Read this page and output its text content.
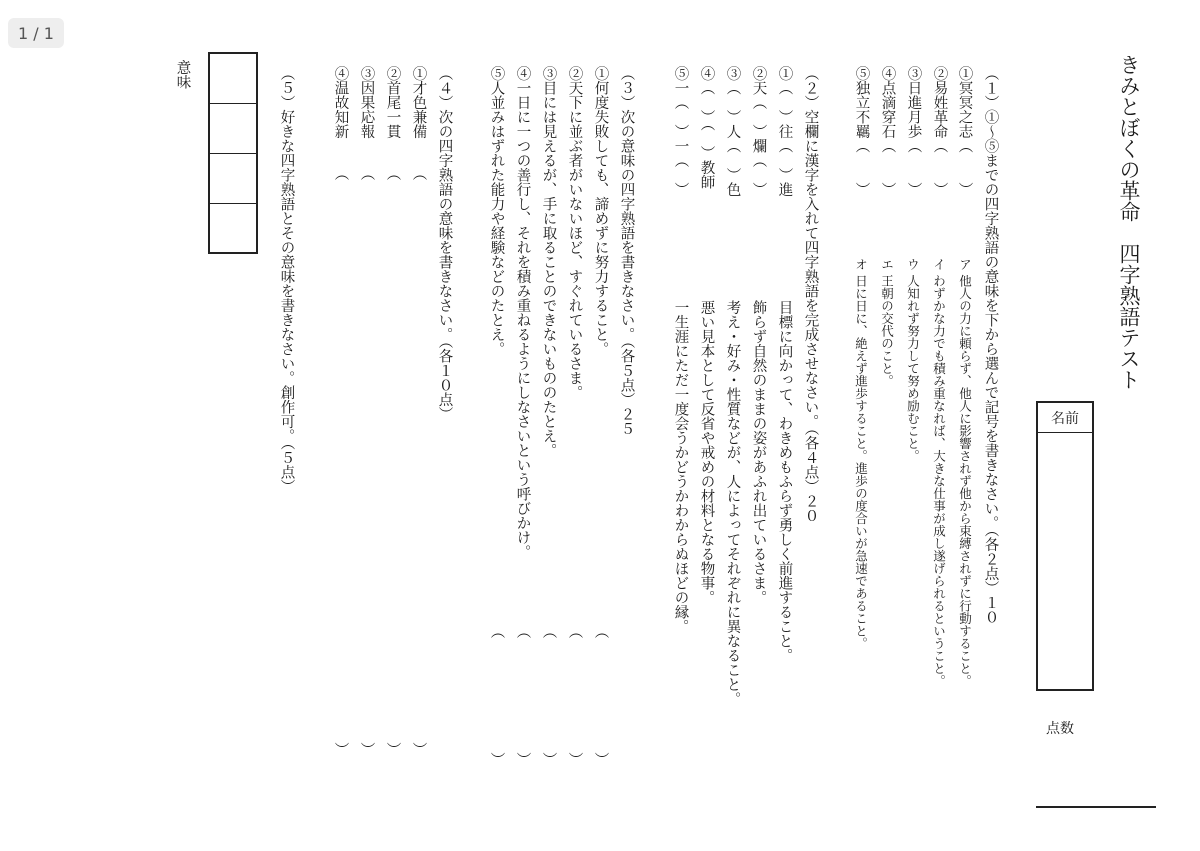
1 / 1
きみとぼくの革命　四字熟語テスト
名前
点数
（１）①～⑤までの四字熟語の意味を下から選んで記号を書きなさい。（各２点）１０
①冥冥之志（　　）
②易姓革命（　　）
③日進月歩（　　）
④点滴穿石（　　）
⑤独立不羈（　　）
ア 他人の力に頼らず、他人に影響されず他から束縛されずに行動すること。
イ わずかな力でも積み重なれば、大きな仕事が成し遂げられるということ。
ウ 人知れず努力して努め励むこと。
エ 王朝の交代のこと。
オ 日に日に、絶えず進歩すること。進歩の度合いが急速であること。
（２）空欄に漢字を入れて四字熟語を完成させなさい。（各４点）２０
①（　）往（　）進
②天（　）爛（　）
③（　）人（　）色
④（　）（　）教師
⑤一（　）一（　）
目標に向かって、わきめもふらず勇しく前進すること。
飾らず自然のままの姿があふれ出ているさま。
考え・好み・性質などが、人によってそれぞれに異なること。
悪い見本として反省や戒めの材料となる物事。
一生涯にただ一度会うかどうかわからぬほどの縁。
（３）次の意味の四字熟語を書きなさい。（各５点）２５
①何度失敗しても、諦めずに努力すること。
②天下に並ぶ者がいないほど、すぐれているさま。
③目には見えるが、手に取ることのできないもののたとえ。
④一日に一つの善行し、それを積み重ねるようにしなさいという呼びかけ。
⑤人並みはずれた能力や経験などのたとえ。
（
（
（
（
（
）
）
）
）
）
（４）次の四字熟語の意味を書きなさい。（各１０点）
①才色兼備
②首尾一貫
③因果応報
④温故知新
（
（
（
（
）
）
）
）
（５）好きな四字熟語とその意味を書きなさい。創作可。（５点）
意味
